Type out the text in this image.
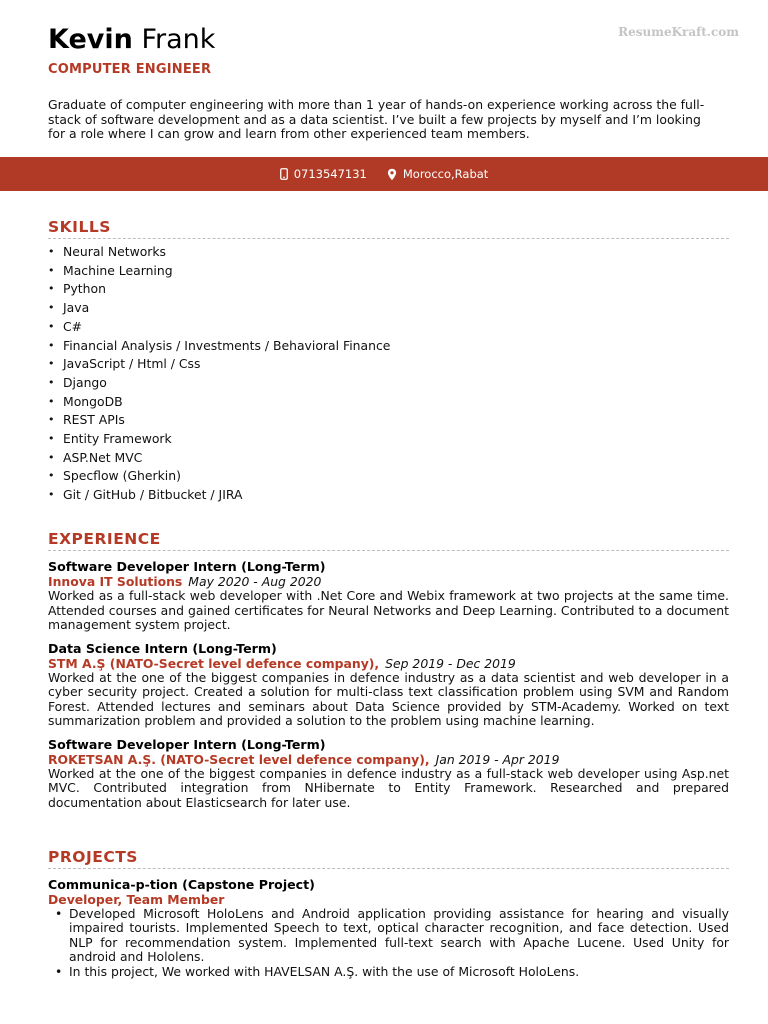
ResumeKraft.com
Kevin Frank
COMPUTER ENGINEER
Graduate of computer engineering with more than 1 year of hands-on experience working across the full-stack of software development and as a data scientist. I’ve built a few projects by myself and I’m looking for a role where I can grow and learn from other experienced team members.
0713547131	Morocco,Rabat
SKILLS
• Neural Networks
• Machine Learning
• Python
• Java
• C#
• Financial Analysis / Investments / Behavioral Finance
• JavaScript / Html / Css
• Django
• MongoDB
• REST APIs
• Entity Framework
• ASP.Net MVC
• Specflow (Gherkin)
• Git / GitHub / Bitbucket / JIRA
EXPERIENCE
Software Developer Intern (Long-Term)
Innova IT Solutions May 2020 - Aug 2020
Worked as a full-stack web developer with .Net Core and Webix framework at two projects at the same time. Attended courses and gained certificates for Neural Networks and Deep Learning. Contributed to a document management system project.
Data Science Intern (Long-Term)
STM A.Ş (NATO-Secret level defence company), Sep 2019 - Dec 2019
Worked at the one of the biggest companies in defence industry as a data scientist and web developer in a cyber security project. Created a solution for multi-class text classification problem using SVM and Random Forest. Attended lectures and seminars about Data Science provided by STM-Academy. Worked on text summarization problem and provided a solution to the problem using machine learning.
Software Developer Intern (Long-Term)
ROKETSAN A.Ş. (NATO-Secret level defence company), Jan 2019 - Apr 2019
Worked at the one of the biggest companies in defence industry as a full-stack web developer using Asp.net MVC. Contributed integration from NHibernate to Entity Framework. Researched and prepared documentation about Elasticsearch for later use.
PROJECTS
Communica-p-tion (Capstone Project)
Developer, Team Member
• Developed Microsoft HoloLens and Android application providing assistance for hearing and visually impaired tourists. Implemented Speech to text, optical character recognition, and face detection. Used NLP for recommendation system. Implemented full-text search with Apache Lucene. Used Unity for android and Hololens.
• In this project, We worked with HAVELSAN A.Ş. with the use of Microsoft HoloLens.
